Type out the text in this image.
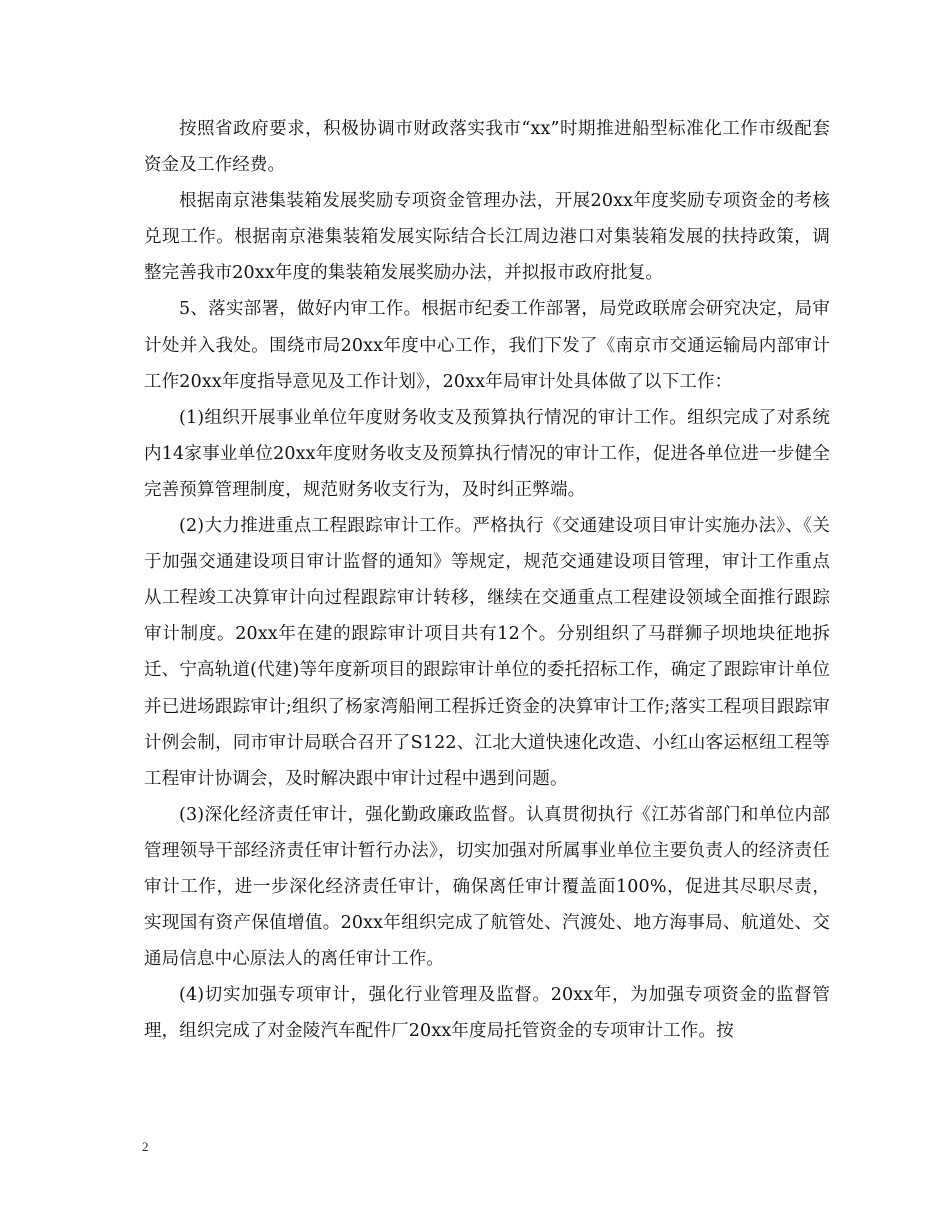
按照省政府要求，积极协调市财政落实我市“xx”时期推进船型标准化工作市级配套资金及工作经费。

根据南京港集装箱发展奖励专项资金管理办法，开展20xx年度奖励专项资金的考核兑现工作。根据南京港集装箱发展实际结合长江周边港口对集装箱发展的扶持政策，调整完善我市20xx年度的集装箱发展奖励办法，并拟报市政府批复。

5、落实部署，做好内审工作。根据市纪委工作部署，局党政联席会研究决定，局审计处并入我处。围绕市局20xx年度中心工作，我们下发了《南京市交通运输局内部审计工作20xx年度指导意见及工作计划》，20xx年局审计处具体做了以下工作：

(1)组织开展事业单位年度财务收支及预算执行情况的审计工作。组织完成了对系统内14家事业单位20xx年度财务收支及预算执行情况的审计工作，促进各单位进一步健全完善预算管理制度，规范财务收支行为，及时纠正弊端。

(2)大力推进重点工程跟踪审计工作。严格执行《交通建设项目审计实施办法》、《关于加强交通建设项目审计监督的通知》等规定，规范交通建设项目管理，审计工作重点从工程竣工决算审计向过程跟踪审计转移，继续在交通重点工程建设领域全面推行跟踪审计制度。20xx年在建的跟踪审计项目共有12个。分别组织了马群狮子坝地块征地拆迁、宁高轨道(代建)等年度新项目的跟踪审计单位的委托招标工作，确定了跟踪审计单位并已进场跟踪审计;组织了杨家湾船闸工程拆迁资金的决算审计工作;落实工程项目跟踪审计例会制，同市审计局联合召开了S122、江北大道快速化改造、小红山客运枢纽工程等工程审计协调会，及时解决跟中审计过程中遇到问题。

(3)深化经济责任审计，强化勤政廉政监督。认真贯彻执行《江苏省部门和单位内部管理领导干部经济责任审计暂行办法》，切实加强对所属事业单位主要负责人的经济责任审计工作，进一步深化经济责任审计，确保离任审计覆盖面100%，促进其尽职尽责，实现国有资产保值增值。20xx年组织完成了航管处、汽渡处、地方海事局、航道处、交通局信息中心原法人的离任审计工作。

(4)切实加强专项审计，强化行业管理及监督。20xx年，为加强专项资金的监督管理，组织完成了对金陵汽车配件厂20xx年度局托管资金的专项审计工作。按

2
